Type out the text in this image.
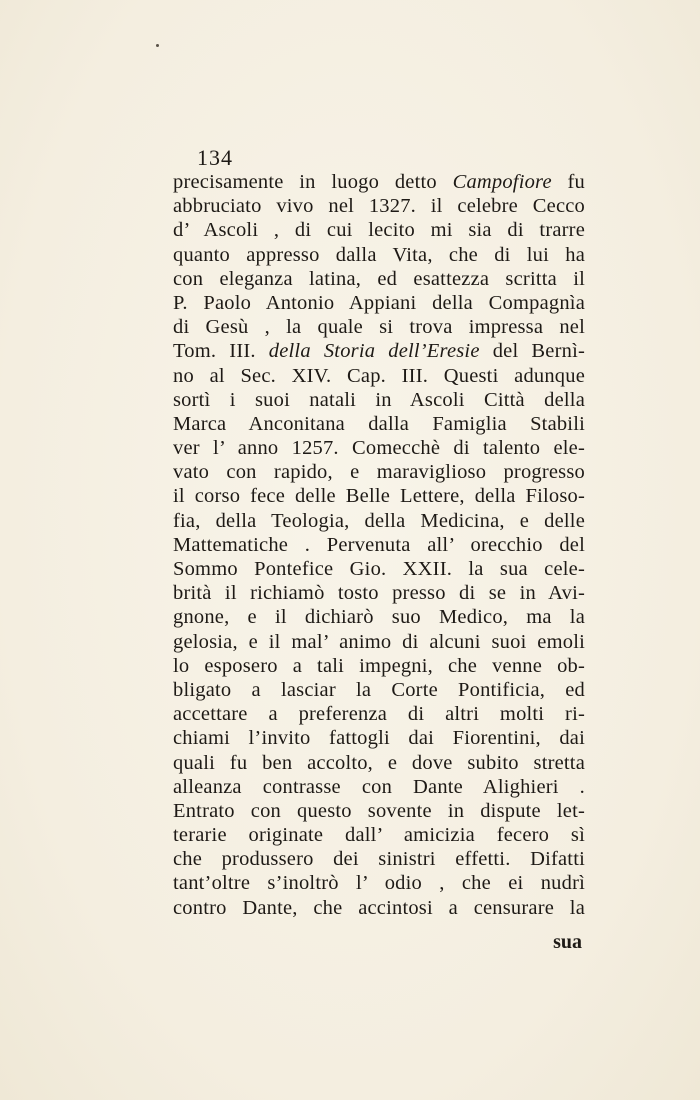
134
precisamente in luogo detto Campofiore fu
abbruciato vivo nel 1327. il celebre Cecco
d’ Ascoli , di cui lecito mi sia di trarre
quanto appresso dalla Vita, che di lui ha
con eleganza latina, ed esattezza scritta il
P. Paolo Antonio Appiani della Compagnìa
di Gesù , la quale si trova impressa nel
Tom. III. della Storia dell’Eresie del Bernì-
no al Sec. XIV. Cap. III. Questi adunque
sortì i suoi natali in Ascoli Città della
Marca Anconitana dalla Famiglia Stabili
ver l’ anno 1257. Comecchè di talento ele-
vato con rapido, e maraviglioso progresso
il corso fece delle Belle Lettere, della Filoso-
fia, della Teologia, della Medicina, e delle
Mattematiche . Pervenuta all’ orecchio del
Sommo Pontefice Gio. XXII. la sua cele-
brità il richiamò tosto presso di se in Avi-
gnone, e il dichiarò suo Medico, ma la
gelosia, e il mal’ animo di alcuni suoi emoli
lo esposero a tali impegni, che venne ob-
bligato a lasciar la Corte Pontificia, ed
accettare a preferenza di altri molti ri-
chiami l’invito fattogli dai Fiorentini, dai
quali fu ben accolto, e dove subito stretta
alleanza contrasse con Dante Alighieri .
Entrato con questo sovente in dispute let-
terarie originate dall’ amicizia fecero sì
che produssero dei sinistri effetti. Difatti
tant’oltre s’inoltrò l’ odio , che ei nudrì
contro Dante, che accintosi a censurare la
sua
